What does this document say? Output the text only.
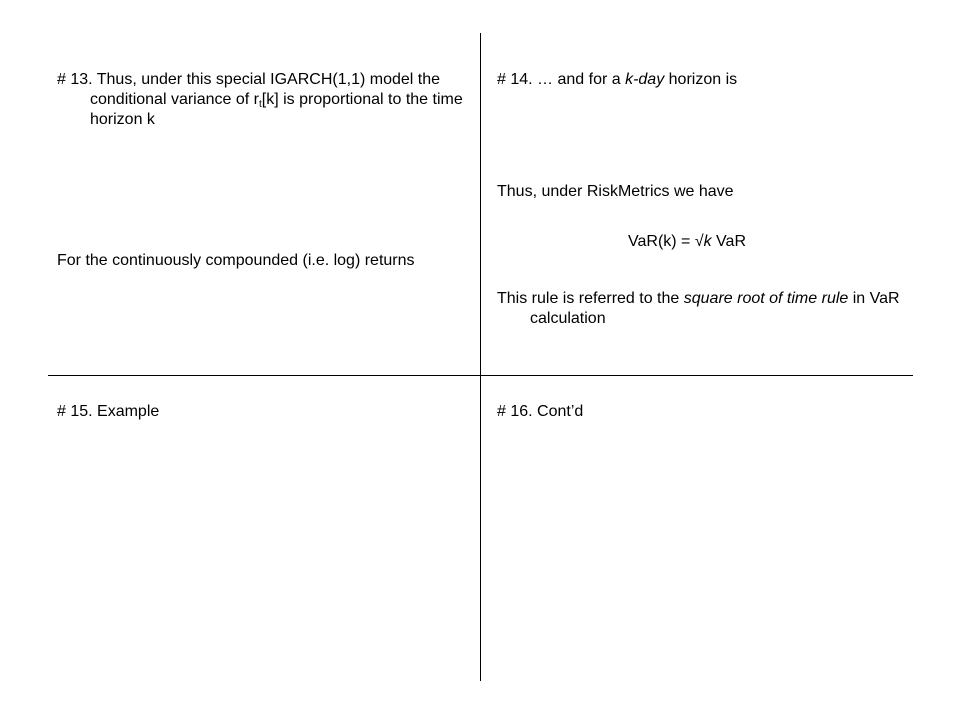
# 13. Thus, under this special IGARCH(1,1) model the conditional variance of $r_t[k]$ is proportional to the time horizon k

For the continuously compounded (i.e. log) returns

# 14. … and for a k-day horizon is

Thus, under RiskMetrics we have

VaR(k) = √k VaR

This rule is referred to the square root of time rule in VaR calculation

# 15. Example	# 16. Cont’d
